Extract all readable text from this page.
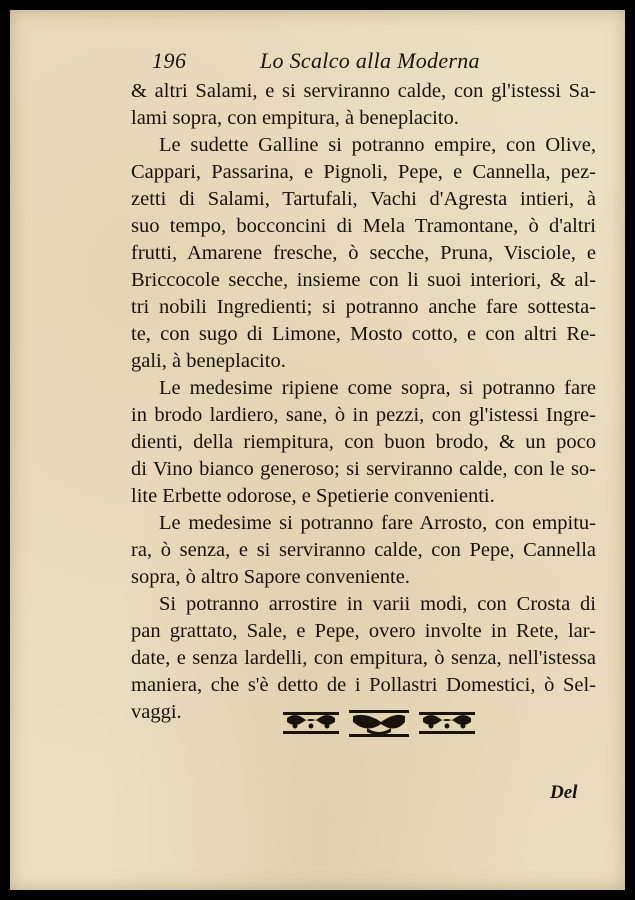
196	Lo Scalco alla Moderna
& altri Salami, e si serviranno calde, con gl'istessi Sa-
lami sopra, con empitura, à beneplacito.
Le sudette Galline si potranno empire, con Olive,
Cappari, Passarina, e Pignoli, Pepe, e Cannella, pez-
zetti di Salami, Tartufali, Vachi d'Agresta intieri, à
suo tempo, bocconcini di Mela Tramontane, ò d'altri
frutti, Amarene fresche, ò secche, Pruna, Visciole, e
Briccocole secche, insieme con li suoi interiori, & al-
tri nobili Ingredienti; si potranno anche fare sottesta-
te, con sugo di Limone, Mosto cotto, e con altri Re-
gali, à beneplacito.
Le medesime ripiene come sopra, si potranno fare
in brodo lardiero, sane, ò in pezzi, con gl'istessi Ingre-
dienti, della riempitura, con buon brodo, & un poco
di Vino bianco generoso; si serviranno calde, con le so-
lite Erbette odorose, e Spetierie convenienti.
Le medesime si potranno fare Arrosto, con empitu-
ra, ò senza, e si serviranno calde, con Pepe, Cannella
sopra, ò altro Sapore conveniente.
Si potranno arrostire in varii modi, con Crosta di
pan grattato, Sale, e Pepe, overo involte in Rete, lar-
date, e senza lardelli, con empitura, ò senza, nell'istessa
maniera, che s'è detto de i Pollastri Domestici, ò Sel-
vaggi.
Del
